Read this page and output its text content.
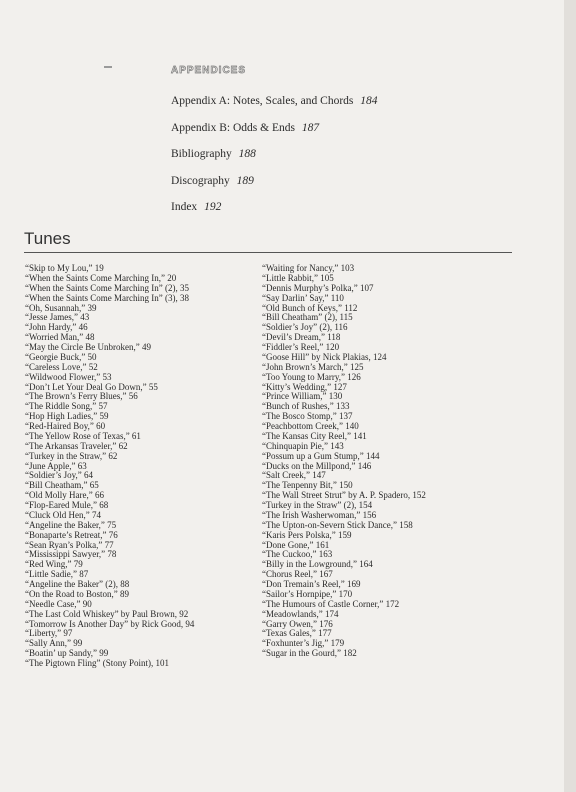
APPENDICES
Appendix A: Notes, Scales, and Chords 184
Appendix B: Odds & Ends 187
Bibliography 188
Discography 189
Index 192
Tunes
“Skip to My Lou,” 19
“When the Saints Come Marching In,” 20
“When the Saints Come Marching In” (2), 35
“When the Saints Come Marching In” (3), 38
“Oh, Susannah,” 39
“Jesse James,” 43
“John Hardy,” 46
“Worried Man,” 48
“May the Circle Be Unbroken,” 49
“Georgie Buck,” 50
“Careless Love,” 52
“Wildwood Flower,” 53
“Don’t Let Your Deal Go Down,” 55
“The Brown’s Ferry Blues,” 56
“The Riddle Song,” 57
“Hop High Ladies,” 59
“Red-Haired Boy,” 60
“The Yellow Rose of Texas,” 61
“The Arkansas Traveler,” 62
“Turkey in the Straw,” 62
“June Apple,” 63
“Soldier’s Joy,” 64
“Bill Cheatham,” 65
“Old Molly Hare,” 66
“Flop-Eared Mule,” 68
“Cluck Old Hen,” 74
“Angeline the Baker,” 75
“Bonaparte’s Retreat,” 76
“Sean Ryan’s Polka,” 77
“Mississippi Sawyer,” 78
“Red Wing,” 79
“Little Sadie,” 87
“Angeline the Baker” (2), 88
“On the Road to Boston,” 89
“Needle Case,” 90
“The Last Cold Whiskey” by Paul Brown, 92
“Tomorrow Is Another Day” by Rick Good, 94
“Liberty,” 97
“Sally Ann,” 99
“Boatin’ up Sandy,” 99
“The Pigtown Fling” (Stony Point), 101
“Waiting for Nancy,” 103
“Little Rabbit,” 105
“Dennis Murphy’s Polka,” 107
“Say Darlin’ Say,” 110
“Old Bunch of Keys,” 112
“Bill Cheatham” (2), 115
“Soldier’s Joy” (2), 116
“Devil’s Dream,” 118
“Fiddler’s Reel,” 120
“Goose Hill” by Nick Plakias, 124
“John Brown’s March,” 125
“Too Young to Marry,” 126
“Kitty’s Wedding,” 127
“Prince William,” 130
“Bunch of Rushes,” 133
“The Bosco Stomp,” 137
“Peachbottom Creek,” 140
“The Kansas City Reel,” 141
“Chinquapin Pie,” 143
“Possum up a Gum Stump,” 144
“Ducks on the Millpond,” 146
“Salt Creek,” 147
“The Tenpenny Bit,” 150
“The Wall Street Strut” by A. P. Spadero, 152
“Turkey in the Straw” (2), 154
“The Irish Washerwoman,” 156
“The Upton-on-Severn Stick Dance,” 158
“Karis Pers Polska,” 159
“Done Gone,” 161
“The Cuckoo,” 163
“Billy in the Lowground,” 164
“Chorus Reel,” 167
“Don Tremain’s Reel,” 169
“Sailor’s Hornpipe,” 170
“The Humours of Castle Corner,” 172
“Meadowlands,” 174
“Garry Owen,” 176
“Texas Gales,” 177
“Foxhunter’s Jig,” 179
“Sugar in the Gourd,” 182
